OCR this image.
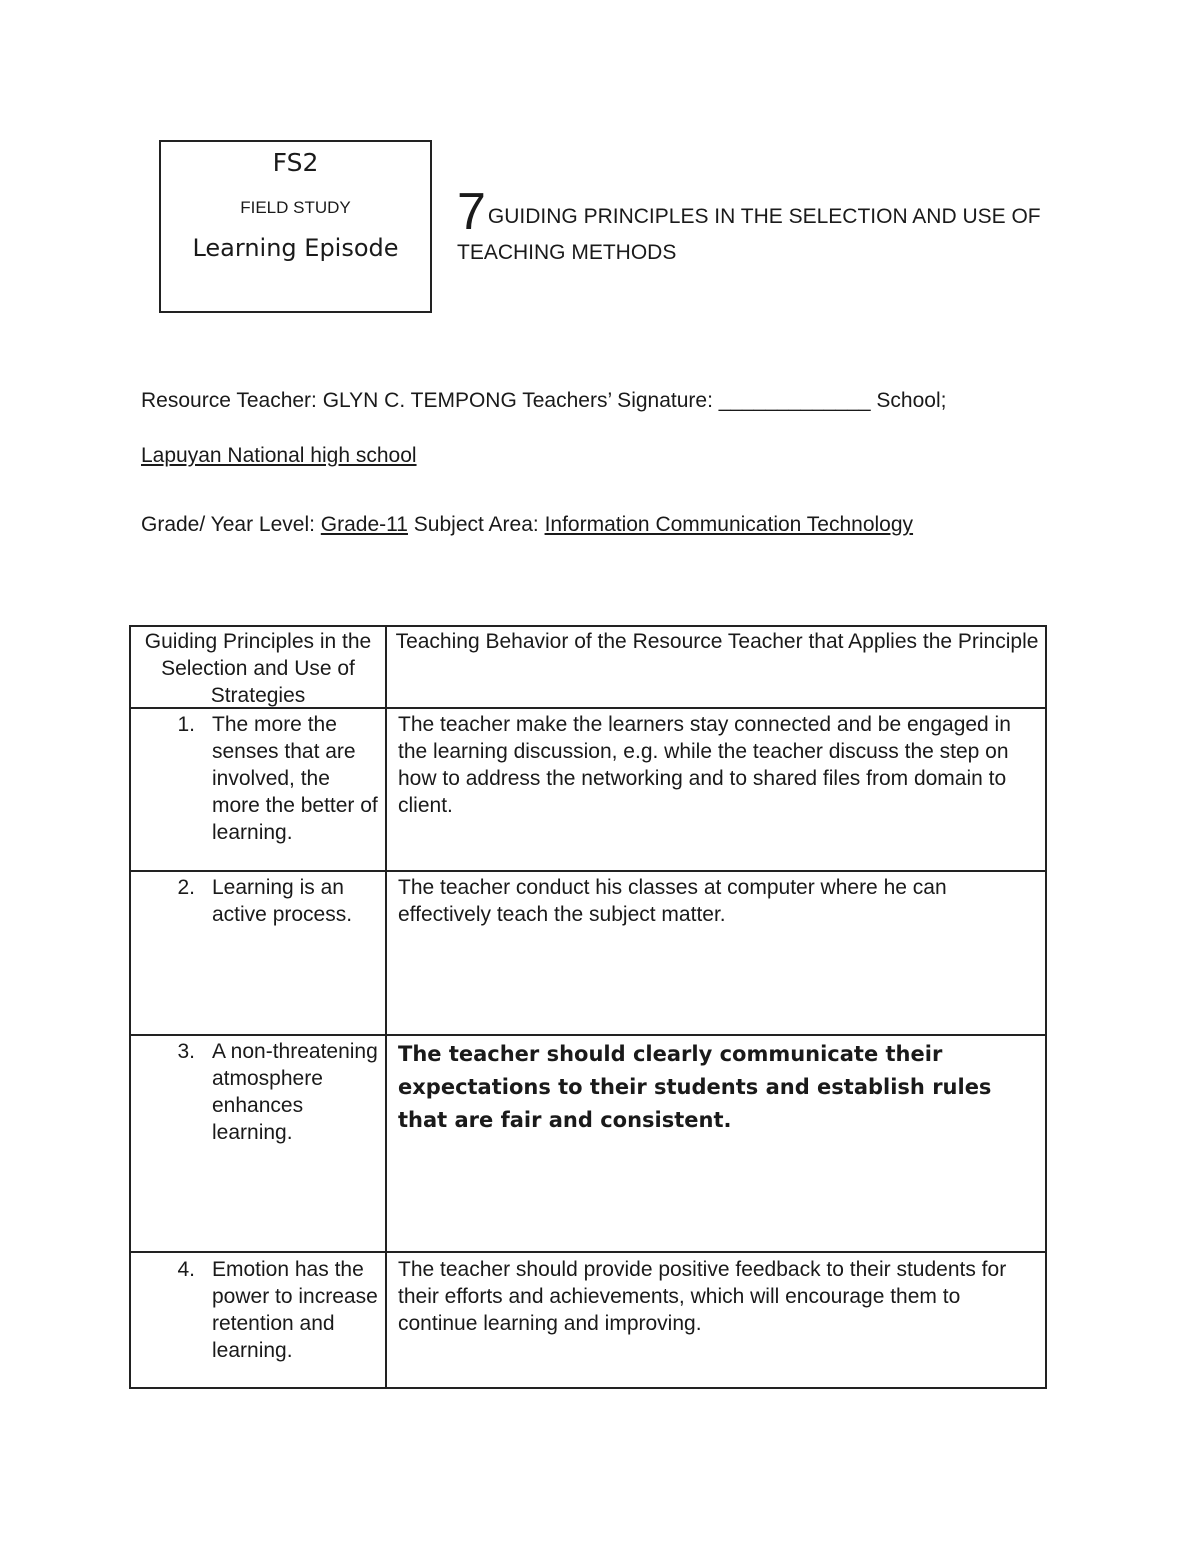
FS2
FIELD STUDY
Learning Episode
7GUIDING PRINCIPLES IN THE SELECTION AND USE OF TEACHING METHODS
Resource Teacher: GLYN C. TEMPONG Teachers’ Signature: _____________ School;
Lapuyan National high school
Grade/ Year Level: Grade-11 Subject Area: Information Communication Technology
Guiding Principles in the Selection and Use of Strategies
Teaching Behavior of the Resource Teacher that Applies the Principle
1. The more the senses that are involved, the more the better of learning.
The teacher make the learners stay connected and be engaged in the learning discussion, e.g. while the teacher discuss the step on how to address the networking and to shared files from domain to client.
2. Learning is an active process.
The teacher conduct his classes at computer where he can effectively teach the subject matter.
3. A non-threatening atmosphere enhances learning.
The teacher should clearly communicate their expectations to their students and establish rules that are fair and consistent.
4. Emotion has the power to increase retention and learning.
The teacher should provide positive feedback to their students for their efforts and achievements, which will encourage them to continue learning and improving.
